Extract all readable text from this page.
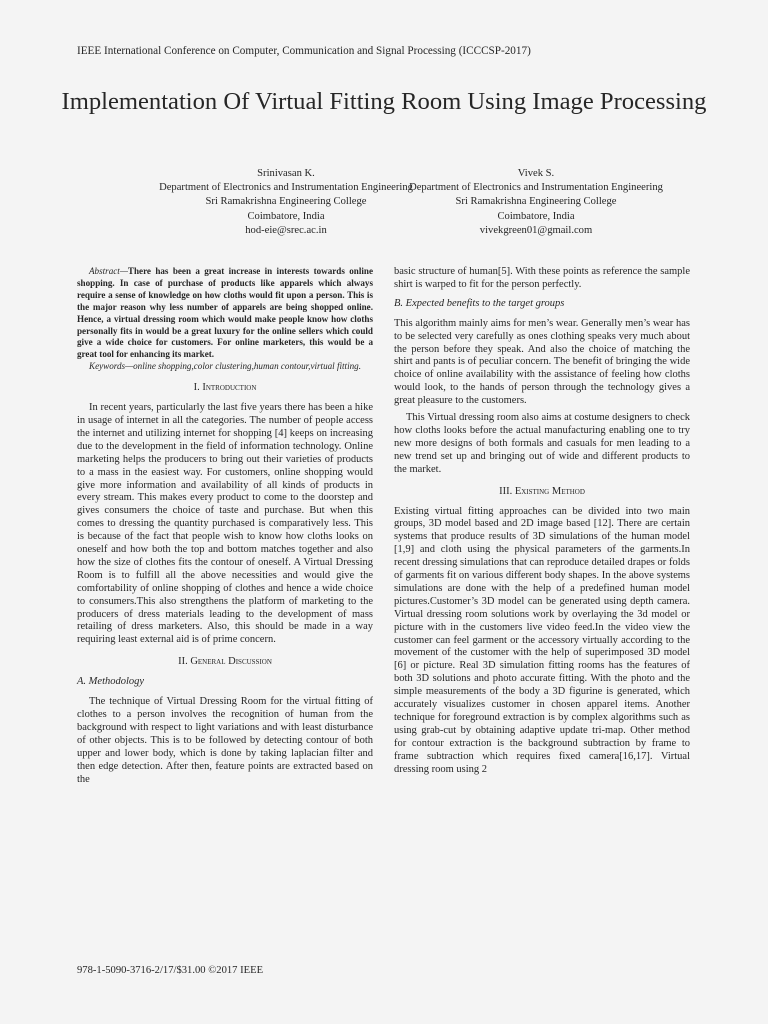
IEEE International Conference on Computer, Communication and Signal Processing (ICCCSP-2017)
Implementation Of Virtual Fitting Room Using Image Processing
Srinivasan K.
Department of Electronics and Instrumentation Engineering
Sri Ramakrishna Engineering College
Coimbatore, India
hod-eie@srec.ac.in
Vivek S.
Department of Electronics and Instrumentation Engineering
Sri Ramakrishna Engineering College
Coimbatore, India
vivekgreen01@gmail.com

Abstract—There has been a great increase in interests towards online shopping. In case of purchase of products like apparels which always require a sense of knowledge on how cloths would fit upon a person. This is the major reason why less number of apparels are being shopped online. Hence, a virtual dressing room which would make people know how cloths personally fits in would be a great luxury for the online sellers which could give a wide choice for customers. For online marketers, this would be a great tool for enhancing its market.

Keywords—online shopping,color clustering,human contour,virtual fitting.

I. Introduction

In recent years, particularly the last five years there has been a hike in usage of internet in all the categories. The number of people access the internet and utilizing internet for shopping [4] keeps on increasing due to the development in the field of information technology. Online marketing helps the producers to bring out their varieties of products to a mass in the easiest way. For customers, online shopping would give more information and availability of all kinds of products in every stream. This makes every product to come to the doorstep and gives consumers the choice of taste and purchase. But when this comes to dressing the quantity purchased is comparatively less. This is because of the fact that people wish to know how cloths looks on oneself and how both the top and bottom matches together and also how the size of clothes fits the contour of oneself. A Virtual Dressing Room is to fulfill all the above necessities and would give the comfortability of online shopping of clothes and hence a wide choice to consumers.This also strengthens the platform of marketing to the producers of dress materials leading to the development of mass retailing of dress marketers. Also, this should be made in a way requiring least external aid is of prime concern.

II. General Discussion
A. Methodology

The technique of Virtual Dressing Room for the virtual fitting of clothes to a person involves the recognition of human from the background with respect to light variations and with least disturbance of other objects. This is to be followed by detecting contour of both upper and lower body, which is done by taking laplacian filter and then edge detection. After then, feature points are extracted based on the

basic structure of human[5]. With these points as reference the sample shirt is warped to fit for the person perfectly.

B. Expected benefits to the target groups

This algorithm mainly aims for men’s wear. Generally men’s wear has to be selected very carefully as ones clothing speaks very much about the person before they speak. And also the choice of matching the shirt and pants is of peculiar concern. The benefit of bringing the wide choice of online availability with the assistance of feeling how cloths would look, to the hands of person through the technology gives a great pleasure to the customers.

This Virtual dressing room also aims at costume designers to check how cloths looks before the actual manufacturing enabling one to try new more designs of both formals and casuals for men leading to a new trend set up and bringing out of wide and different products to the market.

III. Existing Method

Existing virtual fitting approaches can be divided into two main groups, 3D model based and 2D image based [12]. There are certain systems that produce results of 3D simulations of the human model [1,9] and cloth using the physical parameters of the garments.In recent dressing simulations that can reproduce detailed drapes or folds of garments fit on various different body shapes. In the above systems simulations are done with the help of a predefined human model pictures.Customer’s 3D model can be generated using depth camera. Virtual dressing room solutions work by overlaying the 3d model or picture with in the customers live video feed.In the video view the customer can feel garment or the accessory virtually according to the movement of the customer with the help of superimposed 3D model [6] or picture. Real 3D simulation fitting rooms has the features of both 3D solutions and photo accurate fitting. With the photo and the simple measurements of the body a 3D figurine is generated, which accurately visualizes customer in chosen apparel items. Another technique for foreground extraction is by complex algorithms such as using grab-cut by obtaining adaptive update tri-map. Other method for contour extraction is the background subtraction by frame to frame subtraction which requires fixed camera[16,17]. Virtual dressing room using 2

978-1-5090-3716-2/17/$31.00 ©2017 IEEE
